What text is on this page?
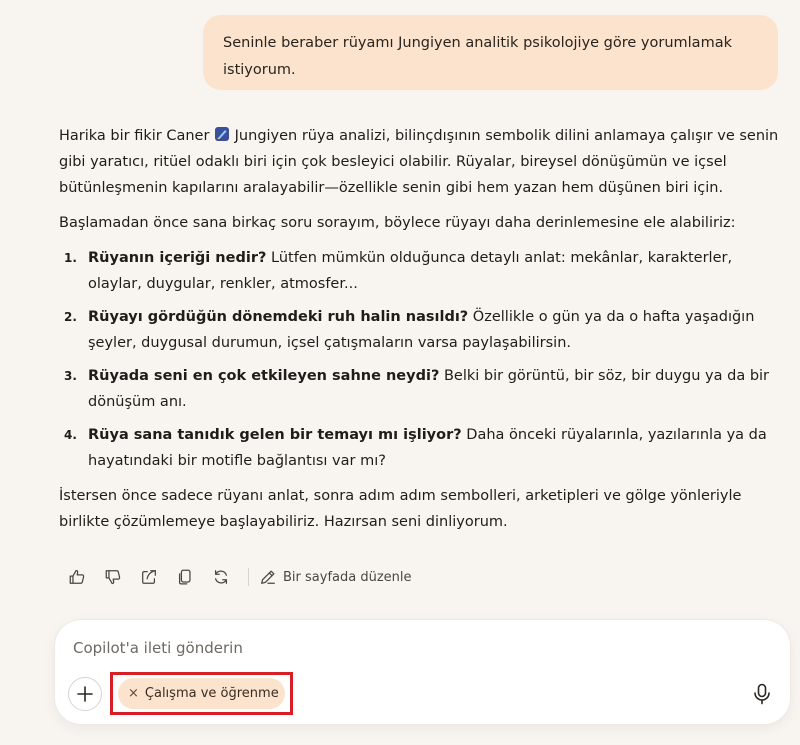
Seninle beraber rüyamı Jungiyen analitik psikolojiye göre yorumlamak istiyorum.

Harika bir fikir Caner  Jungiyen rüya analizi, bilinçdışının sembolik dilini anlamaya çalışır ve senin gibi yaratıcı, ritüel odaklı biri için çok besleyici olabilir. Rüyalar, bireysel dönüşümün ve içsel bütünleşmenin kapılarını aralayabilir—özellikle senin gibi hem yazan hem düşünen biri için.

Başlamadan önce sana birkaç soru sorayım, böylece rüyayı daha derinlemesine ele alabiliriz:

1. Rüyanın içeriği nedir? Lütfen mümkün olduğunca detaylı anlat: mekânlar, karakterler, olaylar, duygular, renkler, atmosfer...
2. Rüyayı gördüğün dönemdeki ruh halin nasıldı? Özellikle o gün ya da o hafta yaşadığın şeyler, duygusal durumun, içsel çatışmaların varsa paylaşabilirsin.
3. Rüyada seni en çok etkileyen sahne neydi? Belki bir görüntü, bir söz, bir duygu ya da bir dönüşüm anı.
4. Rüya sana tanıdık gelen bir temayı mı işliyor? Daha önceki rüyalarınla, yazılarınla ya da hayatındaki bir motifle bağlantısı var mı?

İstersen önce sadece rüyanı anlat, sonra adım adım sembolleri, arketipleri ve gölge yönleriyle birlikte çözümlemeye başlayabiliriz. Hazırsan seni dinliyorum.

Bir sayfada düzenle
Copilot'a ileti gönderin
× Çalışma ve öğrenme
